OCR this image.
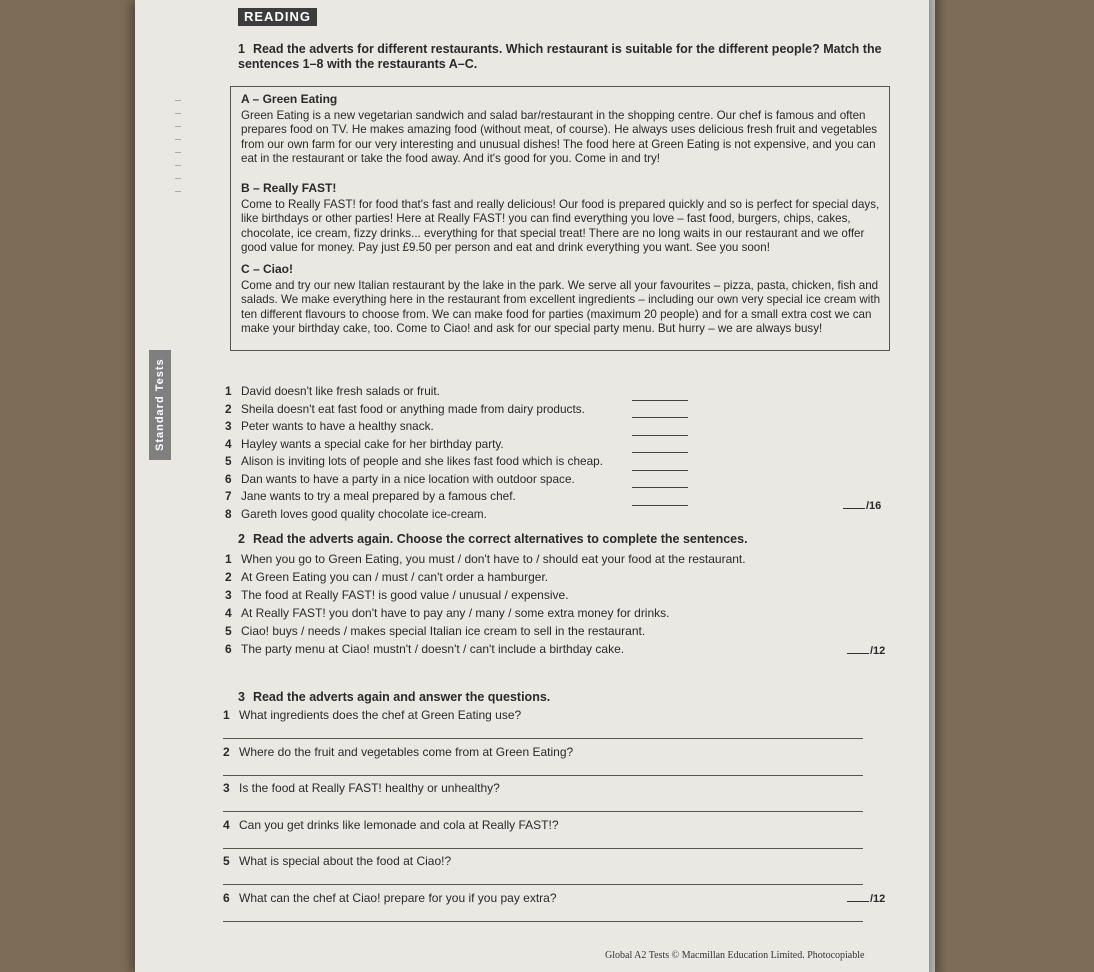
Standard Tests
READING
1 Read the adverts for different restaurants. Which restaurant is suitable for the different people? Match the sentences 1–8 with the restaurants A–C.
A – Green Eating
Green Eating is a new vegetarian sandwich and salad bar/restaurant in the shopping centre. Our chef is famous and often prepares food on TV. He makes amazing food (without meat, of course). He always uses delicious fresh fruit and vegetables from our own farm for our very interesting and unusual dishes! The food here at Green Eating is not expensive, and you can eat in the restaurant or take the food away. And it's good for you. Come in and try!
B – Really FAST!
Come to Really FAST! for food that's fast and really delicious! Our food is prepared quickly and so is perfect for special days, like birthdays or other parties! Here at Really FAST! you can find everything you love – fast food, burgers, chips, cakes, chocolate, ice cream, fizzy drinks... everything for that special treat! There are no long waits in our restaurant and we offer good value for money. Pay just £9.50 per person and eat and drink everything you want. See you soon!
C – Ciao!
Come and try our new Italian restaurant by the lake in the park. We serve all your favourites – pizza, pasta, chicken, fish and salads. We make everything here in the restaurant from excellent ingredients – including our own very special ice cream with ten different flavours to choose from. We can make food for parties (maximum 20 people) and for a small extra cost we can make your birthday cake, too. Come to Ciao! and ask for our special party menu. But hurry – we are always busy!
1 David doesn't like fresh salads or fruit.
2 Sheila doesn't eat fast food or anything made from dairy products.
3 Peter wants to have a healthy snack.
4 Hayley wants a special cake for her birthday party.
5 Alison is inviting lots of people and she likes fast food which is cheap.
6 Dan wants to have a party in a nice location with outdoor space.
7 Jane wants to try a meal prepared by a famous chef.
8 Gareth loves good quality chocolate ice-cream.
/16
2 Read the adverts again. Choose the correct alternatives to complete the sentences.
1 When you go to Green Eating, you must / don't have to / should eat your food at the restaurant.
2 At Green Eating you can / must / can't order a hamburger.
3 The food at Really FAST! is good value / unusual / expensive.
4 At Really FAST! you don't have to pay any / many / some extra money for drinks.
5 Ciao! buys / needs / makes special Italian ice cream to sell in the restaurant.
6 The party menu at Ciao! mustn't / doesn't / can't include a birthday cake.	/12
3 Read the adverts again and answer the questions.
1 What ingredients does the chef at Green Eating use?
2 Where do the fruit and vegetables come from at Green Eating?
3 Is the food at Really FAST! healthy or unhealthy?
4 Can you get drinks like lemonade and cola at Really FAST!?
5 What is special about the food at Ciao!?
6 What can the chef at Ciao! prepare for you if you pay extra?	/12
Global A2 Tests © Macmillan Education Limited. Photocopiable
